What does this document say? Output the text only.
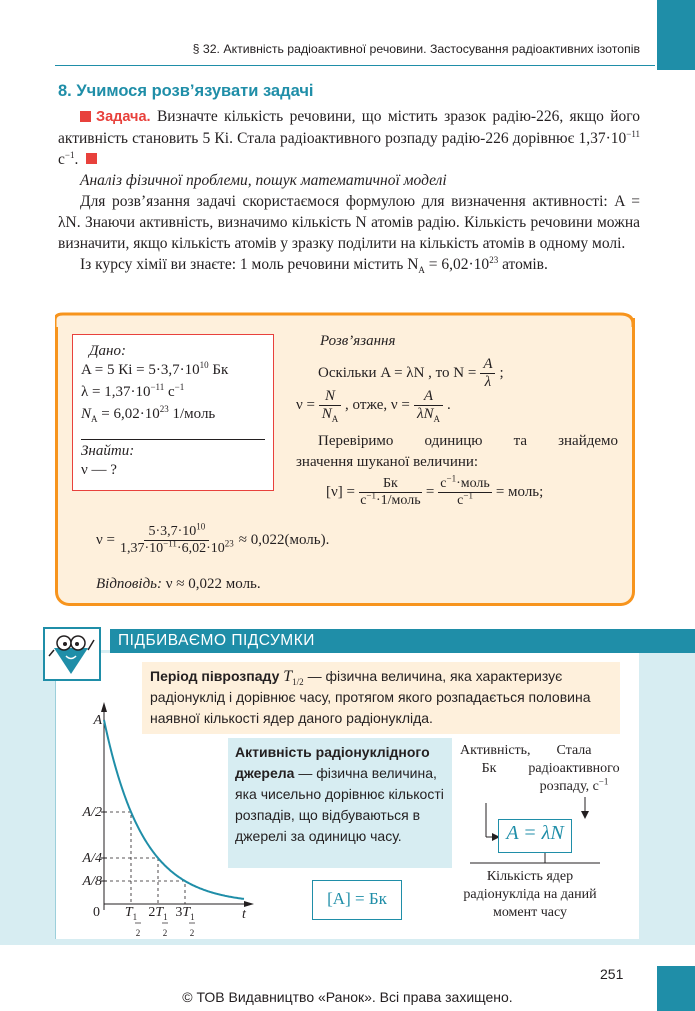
§ 32. Активність радіоактивної речовини. Застосування радіоактивних ізотопів
8. Учимося розв’язувати задачі

Задача. Визначте кількість речовини, що містить зразок радію-226, якщо його активність становить 5 Кі. Стала радіоактивного розпаду радію-226 дорівнює $1,37\cdot 10^{-11}$ $с^{-1}$.

Аналіз фізичної проблеми, пошук математичної моделі

Для розв’язання задачі скористаємося формулою для визначення активності: A = λN. Знаючи активність, визначимо кількість N атомів радію. Кількість речовини можна визначити, якщо кількість атомів у зразку поділити на кількість атомів в одному молі.

Із курсу хімії ви знаєте: 1 моль речовини містить $N_A = 6,02\cdot 10^{23}$ атомів.

Дано:
A = 5 Кі = $5\cdot 3,7\cdot 10^{10}$ Бк
$\lambda = 1,37\cdot 10^{-11}$ $с^{-1}$
$N_A = 6,02\cdot 10^{23}$ 1/моль
Знайти:
ν — ?
Розв’язання
Оскільки A = λN , то $N = \frac{A}{\lambda}$ ;
$\nu = \frac{N}{N_A}$ , отже, ν =
A
$\lambda N_A$
.
Перевіримо одиницю та знайдемо
значення шуканої величини:
[ν] =
Бк
$с^{-1}\cdot 1$/моль
=
$с^{-1}\cdot моль$
$с^{-1}$ = моль;
$\nu = \frac{5\cdot 3,7\cdot 10^{10}}{1,37\cdot 10^{-11}\cdot 6,02\cdot 10^{23}}$ ≈ 0,022(моль).
Відповідь: ν ≈ 0,022 моль.
ПІДБИВАЄМО ПІДСУМКИ
Період піврозпаду $T_{1/2}$ — фізична величина, яка характеризує радіонуклід і дорівнює часу, протягом якого розпадається половина наявної кількості ядер даного радіонукліда.
A
A/2
A/4
A/8
0	t
$T_1$
2
$2T_1$
2
$3T_1$
2
Активність радіонуклідного джерела — фізична величина, яка чисельно дорівнює кількості розпадів, що відбуваються в джерелі за одиницю часу.
[A] = Бк
Активність, Бк
Стала радіоактивного розпаду, $с^{-1}$
A = λN
Кількість ядер радіонукліда на даний момент часу
251
© ТОВ Видавництво «Ранок». Всі права захищено.
